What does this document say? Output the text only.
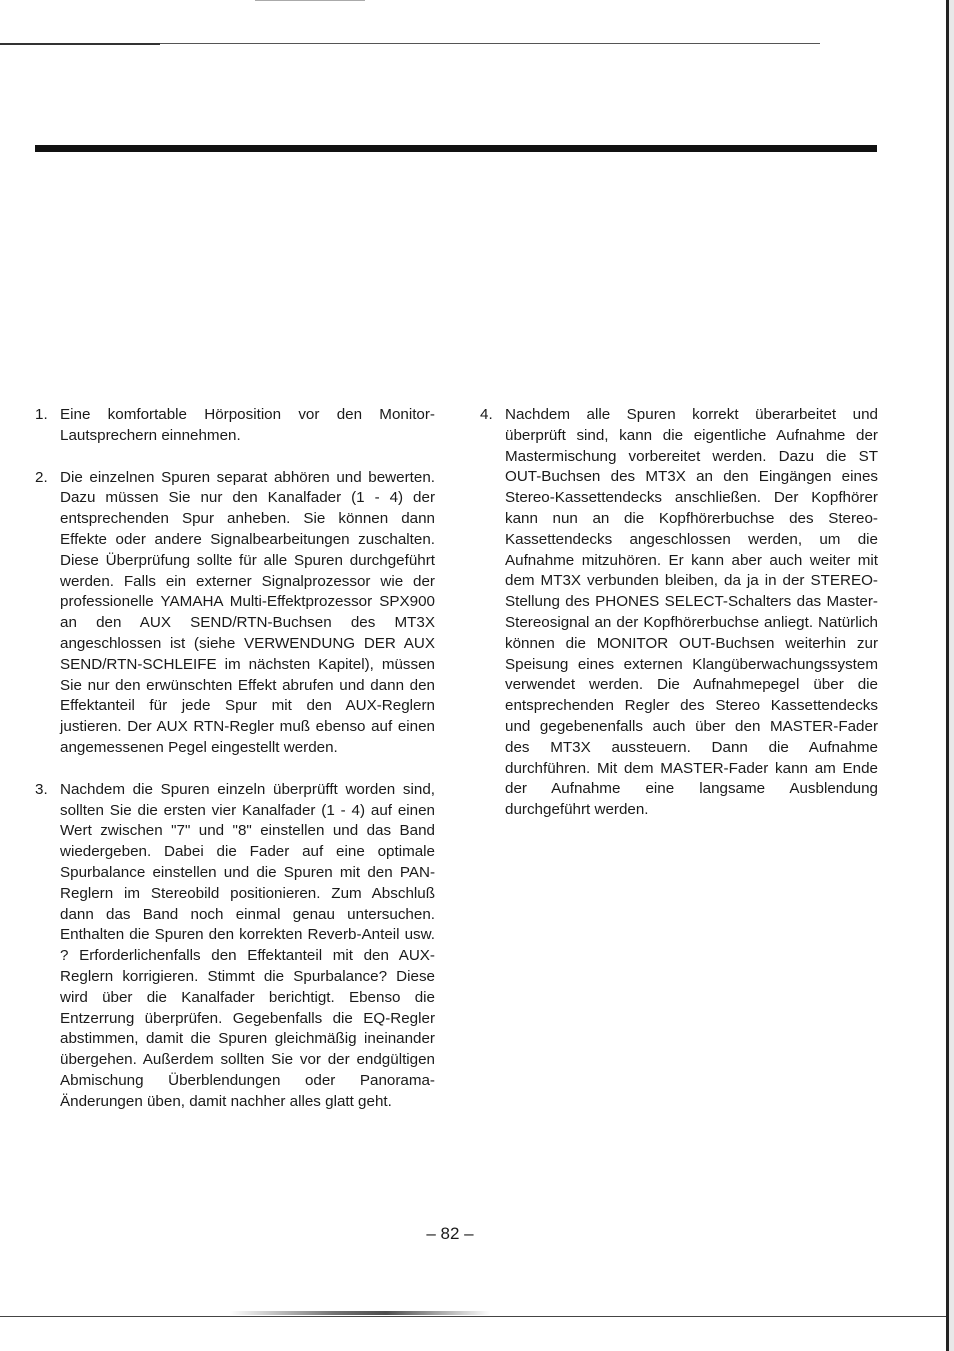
1. Eine komfortable Hörposition vor den Monitor-Lautsprechern einnehmen.
2. Die einzelnen Spuren separat abhören und bewerten. Dazu müssen Sie nur den Kanalfader (1 - 4) der entsprechenden Spur anheben. Sie können dann Effekte oder andere Signalbearbeitungen zuschalten. Diese Überprüfung sollte für alle Spuren durchgeführt werden. Falls ein externer Signalprozessor wie der professionelle YAMAHA Multi-Effektprozessor SPX900 an den AUX SEND/RTN-Buchsen des MT3X angeschlossen ist (siehe VERWENDUNG DER AUX SEND/RTN-SCHLEIFE im nächsten Kapitel), müssen Sie nur den erwünschten Effekt abrufen und dann den Effektanteil für jede Spur mit den AUX-Reglern justieren. Der AUX RTN-Regler muß ebenso auf einen angemessenen Pegel eingestellt werden.
3. Nachdem die Spuren einzeln überprüfft worden sind, sollten Sie die ersten vier Kanalfader (1 - 4) auf einen Wert zwischen "7" und "8" einstellen und das Band wiedergeben. Dabei die Fader auf eine optimale Spurbalance einstellen und die Spuren mit den PAN-Reglern im Stereobild positionieren. Zum Abschluß dann das Band noch einmal genau untersuchen. Enthalten die Spuren den korrekten Reverb-Anteil usw. ? Erforderlichenfalls den Effektanteil mit den AUX-Reglern korrigieren. Stimmt die Spurbalance? Diese wird über die Kanalfader berichtigt. Ebenso die Entzerrung überprüfen. Gegebenfalls die EQ-Regler abstimmen, damit die Spuren gleichmäßig ineinander übergehen. Außerdem sollten Sie vor der endgültigen Abmischung Überblendungen oder Panorama-Änderungen üben, damit nachher alles glatt geht.
4. Nachdem alle Spuren korrekt überarbeitet und überprüft sind, kann die eigentliche Aufnahme der Mastermischung vorbereitet werden. Dazu die ST OUT-Buchsen des MT3X an den Eingängen eines Stereo-Kassettendecks anschließen. Der Kopfhörer kann nun an die Kopfhörerbuchse des Stereo-Kassettendecks angeschlossen werden, um die Aufnahme mitzuhören. Er kann aber auch weiter mit dem MT3X verbunden bleiben, da ja in der STEREO-Stellung des PHONES SELECT-Schalters das Master-Stereosignal an der Kopfhörerbuchse anliegt. Natürlich können die MONITOR OUT-Buchsen weiterhin zur Speisung eines externen Klangüberwachungssystem verwendet werden. Die Aufnahmepegel über die entsprechenden Regler des Stereo Kassettendecks und gegebenenfalls auch über den MASTER-Fader des MT3X aussteuern. Dann die Aufnahme durchführen. Mit dem MASTER-Fader kann am Ende der Aufnahme eine langsame Ausblendung durchgeführt werden.
– 82 –
